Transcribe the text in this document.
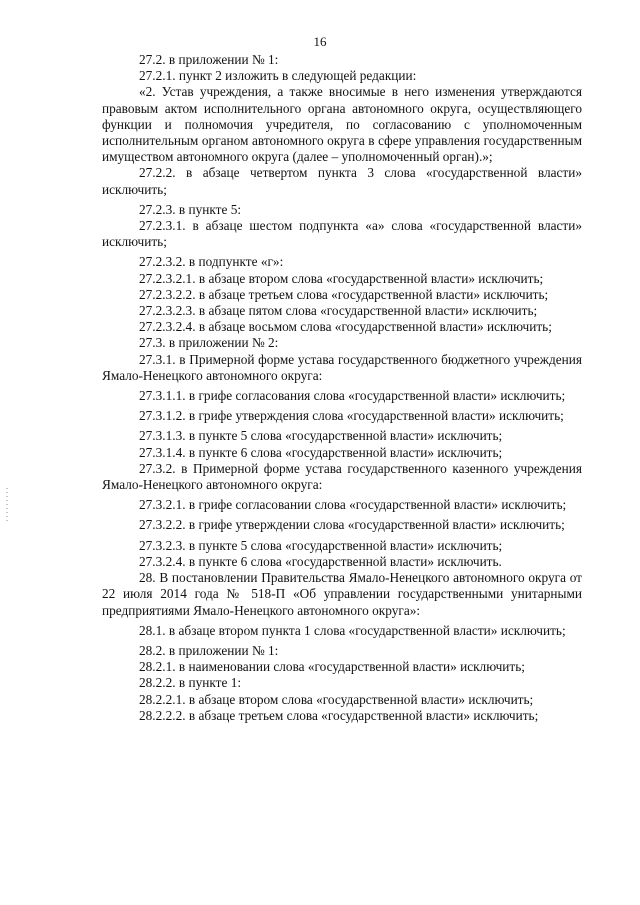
16

27.2. в приложении № 1:

27.2.1. пункт 2 изложить в следующей редакции:

«2. Устав учреждения, а также вносимые в него изменения утверждаются правовым актом исполнительного органа автономного округа, осуществляющего функции и полномочия учредителя, по согласованию с уполномоченным исполнительным органом автономного округа в сфере управления государственным имуществом автономного округа (далее – уполномоченный орган).»;

27.2.2. в абзаце четвертом пункта 3 слова «государственной власти» исключить;

27.2.3. в пункте 5:

27.2.3.1. в абзаце шестом подпункта «а» слова «государственной власти» исключить;

27.2.3.2. в подпункте «г»:

27.2.3.2.1. в абзаце втором слова «государственной власти» исключить;

27.2.3.2.2. в абзаце третьем слова «государственной власти» исключить;

27.2.3.2.3. в абзаце пятом слова «государственной власти» исключить;

27.2.3.2.4. в абзаце восьмом слова «государственной власти» исключить;

27.3. в приложении № 2:

27.3.1. в Примерной форме устава государственного бюджетного учреждения Ямало-Ненецкого автономного округа:

27.3.1.1. в грифе согласования слова «государственной власти» исключить;

27.3.1.2. в грифе утверждения слова «государственной власти» исключить;

27.3.1.3. в пункте 5 слова «государственной власти» исключить;

27.3.1.4. в пункте 6 слова «государственной власти» исключить;

27.3.2. в Примерной форме устава государственного казенного учреждения Ямало-Ненецкого автономного округа:

27.3.2.1. в грифе согласовании слова «государственной власти» исключить;

27.3.2.2. в грифе утверждении слова «государственной власти» исключить;

27.3.2.3. в пункте 5 слова «государственной власти» исключить;

27.3.2.4. в пункте 6 слова «государственной власти» исключить.

28. В постановлении Правительства Ямало-Ненецкого автономного округа от 22 июля 2014 года № 518-П «Об управлении государственными унитарными предприятиями Ямало-Ненецкого автономного округа»:

28.1. в абзаце втором пункта 1 слова «государственной власти» исключить;

28.2. в приложении № 1:

28.2.1. в наименовании слова «государственной власти» исключить;

28.2.2. в пункте 1:

28.2.2.1. в абзаце втором слова «государственной власти» исключить;

28.2.2.2. в абзаце третьем слова «государственной власти» исключить;
